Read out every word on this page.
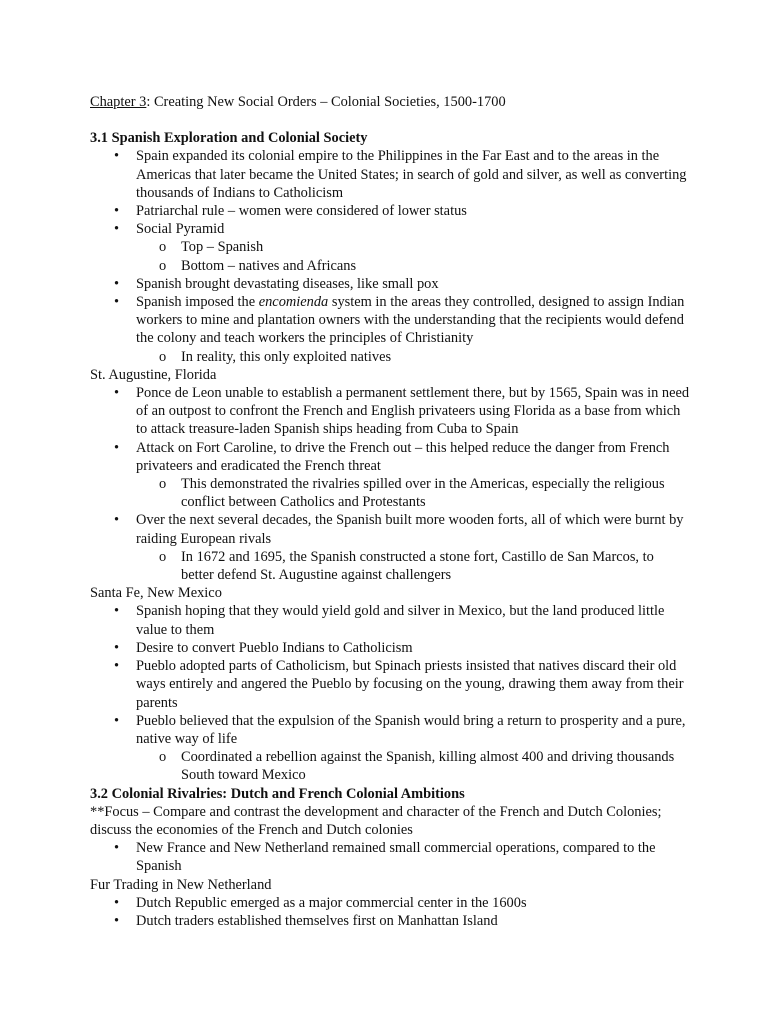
Chapter 3: Creating New Social Orders – Colonial Societies, 1500-1700
3.1 Spanish Exploration and Colonial Society
• Spain expanded its colonial empire to the Philippines in the Far East and to the areas in the Americas that later became the United States; in search of gold and silver, as well as converting thousands of Indians to Catholicism
• Patriarchal rule – women were considered of lower status
• Social Pyramid
o Top – Spanish
o Bottom – natives and Africans
• Spanish brought devastating diseases, like small pox
• Spanish imposed the encomienda system in the areas they controlled, designed to assign Indian workers to mine and plantation owners with the understanding that the recipients would defend the colony and teach workers the principles of Christianity
o In reality, this only exploited natives
St. Augustine, Florida
• Ponce de Leon unable to establish a permanent settlement there, but by 1565, Spain was in need of an outpost to confront the French and English privateers using Florida as a base from which to attack treasure-laden Spanish ships heading from Cuba to Spain
• Attack on Fort Caroline, to drive the French out – this helped reduce the danger from French privateers and eradicated the French threat
o This demonstrated the rivalries spilled over in the Americas, especially the religious conflict between Catholics and Protestants
• Over the next several decades, the Spanish built more wooden forts, all of which were burnt by raiding European rivals
o In 1672 and 1695, the Spanish constructed a stone fort, Castillo de San Marcos, to better defend St. Augustine against challengers
Santa Fe, New Mexico
• Spanish hoping that they would yield gold and silver in Mexico, but the land produced little value to them
• Desire to convert Pueblo Indians to Catholicism
• Pueblo adopted parts of Catholicism, but Spinach priests insisted that natives discard their old ways entirely and angered the Pueblo by focusing on the young, drawing them away from their parents
• Pueblo believed that the expulsion of the Spanish would bring a return to prosperity and a pure, native way of life
o Coordinated a rebellion against the Spanish, killing almost 400 and driving thousands South toward Mexico
3.2 Colonial Rivalries: Dutch and French Colonial Ambitions
**Focus – Compare and contrast the development and character of the French and Dutch Colonies; discuss the economies of the French and Dutch colonies
• New France and New Netherland remained small commercial operations, compared to the Spanish
Fur Trading in New Netherland
• Dutch Republic emerged as a major commercial center in the 1600s
• Dutch traders established themselves first on Manhattan Island
